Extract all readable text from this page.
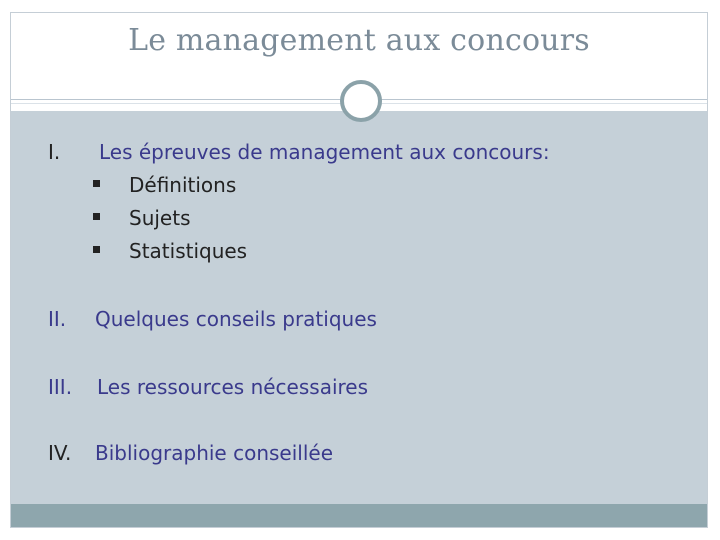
Le management aux concours
I. Les épreuves de management aux concours:
Définitions
Sujets
Statistiques
II. Quelques conseils pratiques
III. Les ressources nécessaires
IV. Bibliographie conseillée
